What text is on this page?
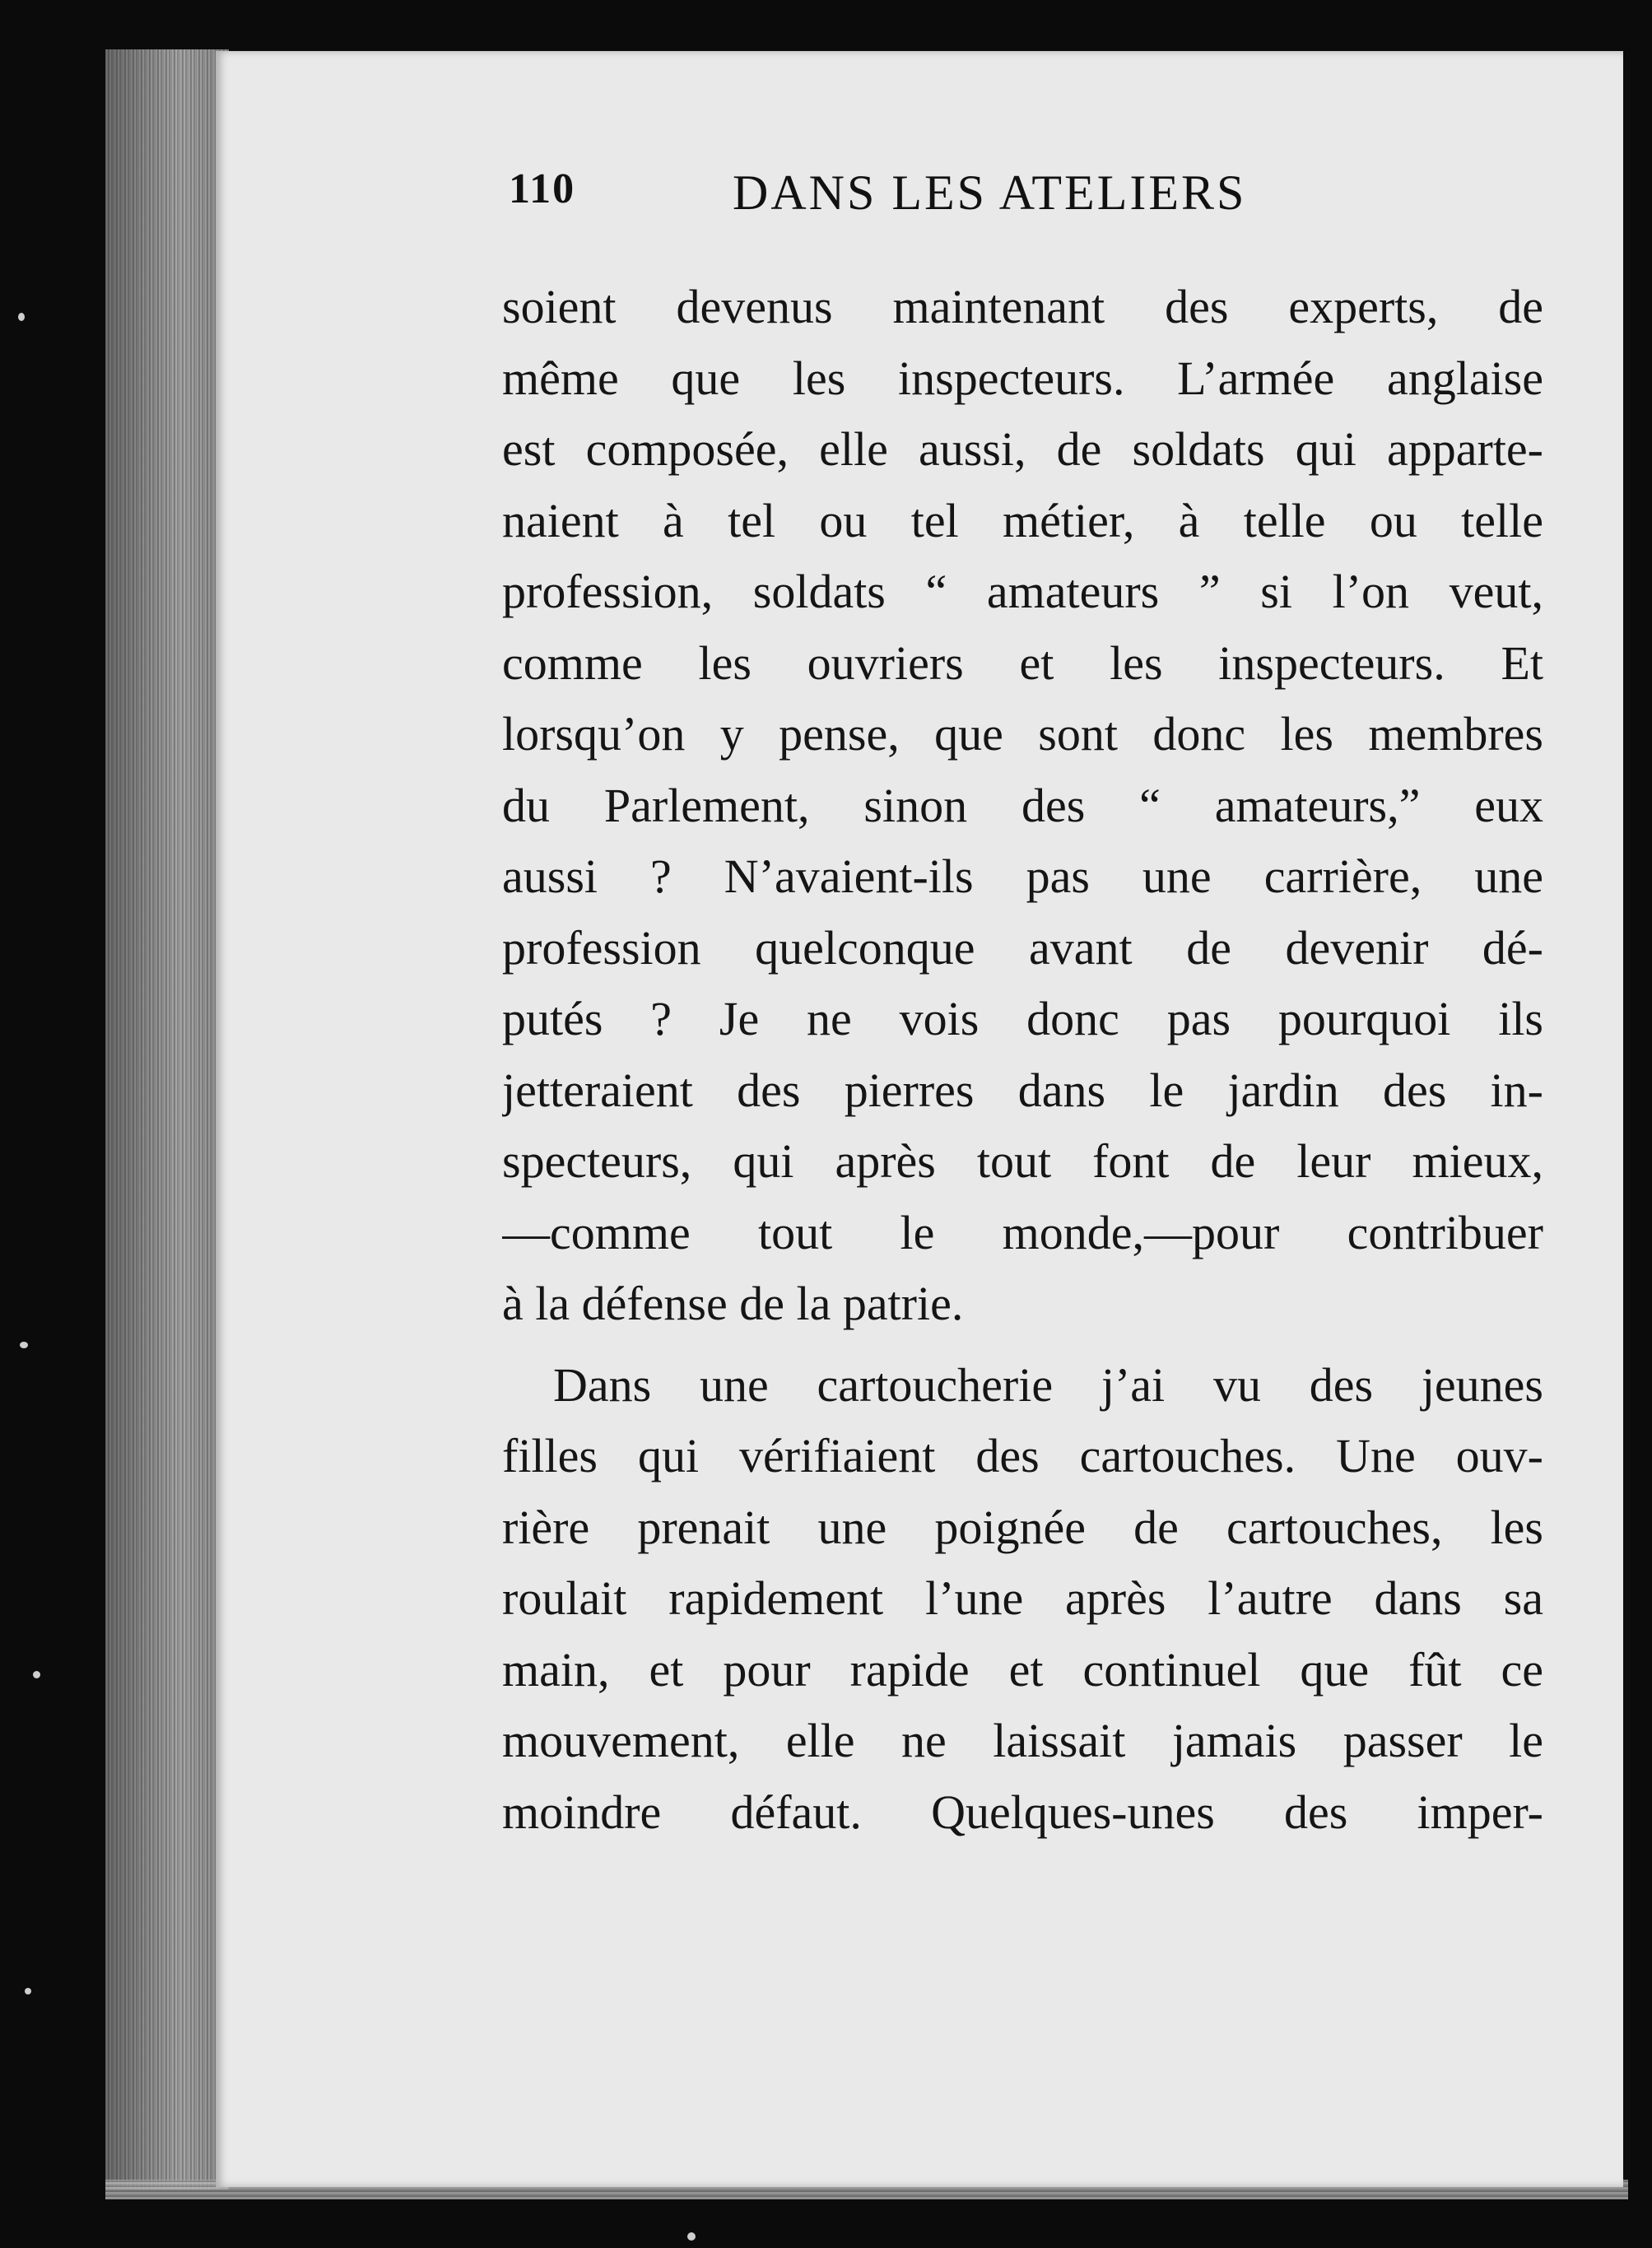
110	DANS LES ATELIERS
soient devenus maintenant des experts, de
même que les inspecteurs. L’armée anglaise
est composée, elle aussi, de soldats qui apparte-
naient à tel ou tel métier, à telle ou telle
profession, soldats “ amateurs ” si l’on veut,
comme les ouvriers et les inspecteurs. Et
lorsqu’on y pense, que sont donc les membres
du Parlement, sinon des “ amateurs,” eux
aussi ? N’avaient-ils pas une carrière, une
profession quelconque avant de devenir dé-
putés ? Je ne vois donc pas pourquoi ils
jetteraient des pierres dans le jardin des in-
specteurs, qui après tout font de leur mieux,
—comme tout le monde,—pour contribuer
à la défense de la patrie.
Dans une cartoucherie j’ai vu des jeunes
filles qui vérifiaient des cartouches. Une ouv-
rière prenait une poignée de cartouches, les
roulait rapidement l’une après l’autre dans sa
main, et pour rapide et continuel que fût ce
mouvement, elle ne laissait jamais passer le
moindre défaut. Quelques-unes des imper-
